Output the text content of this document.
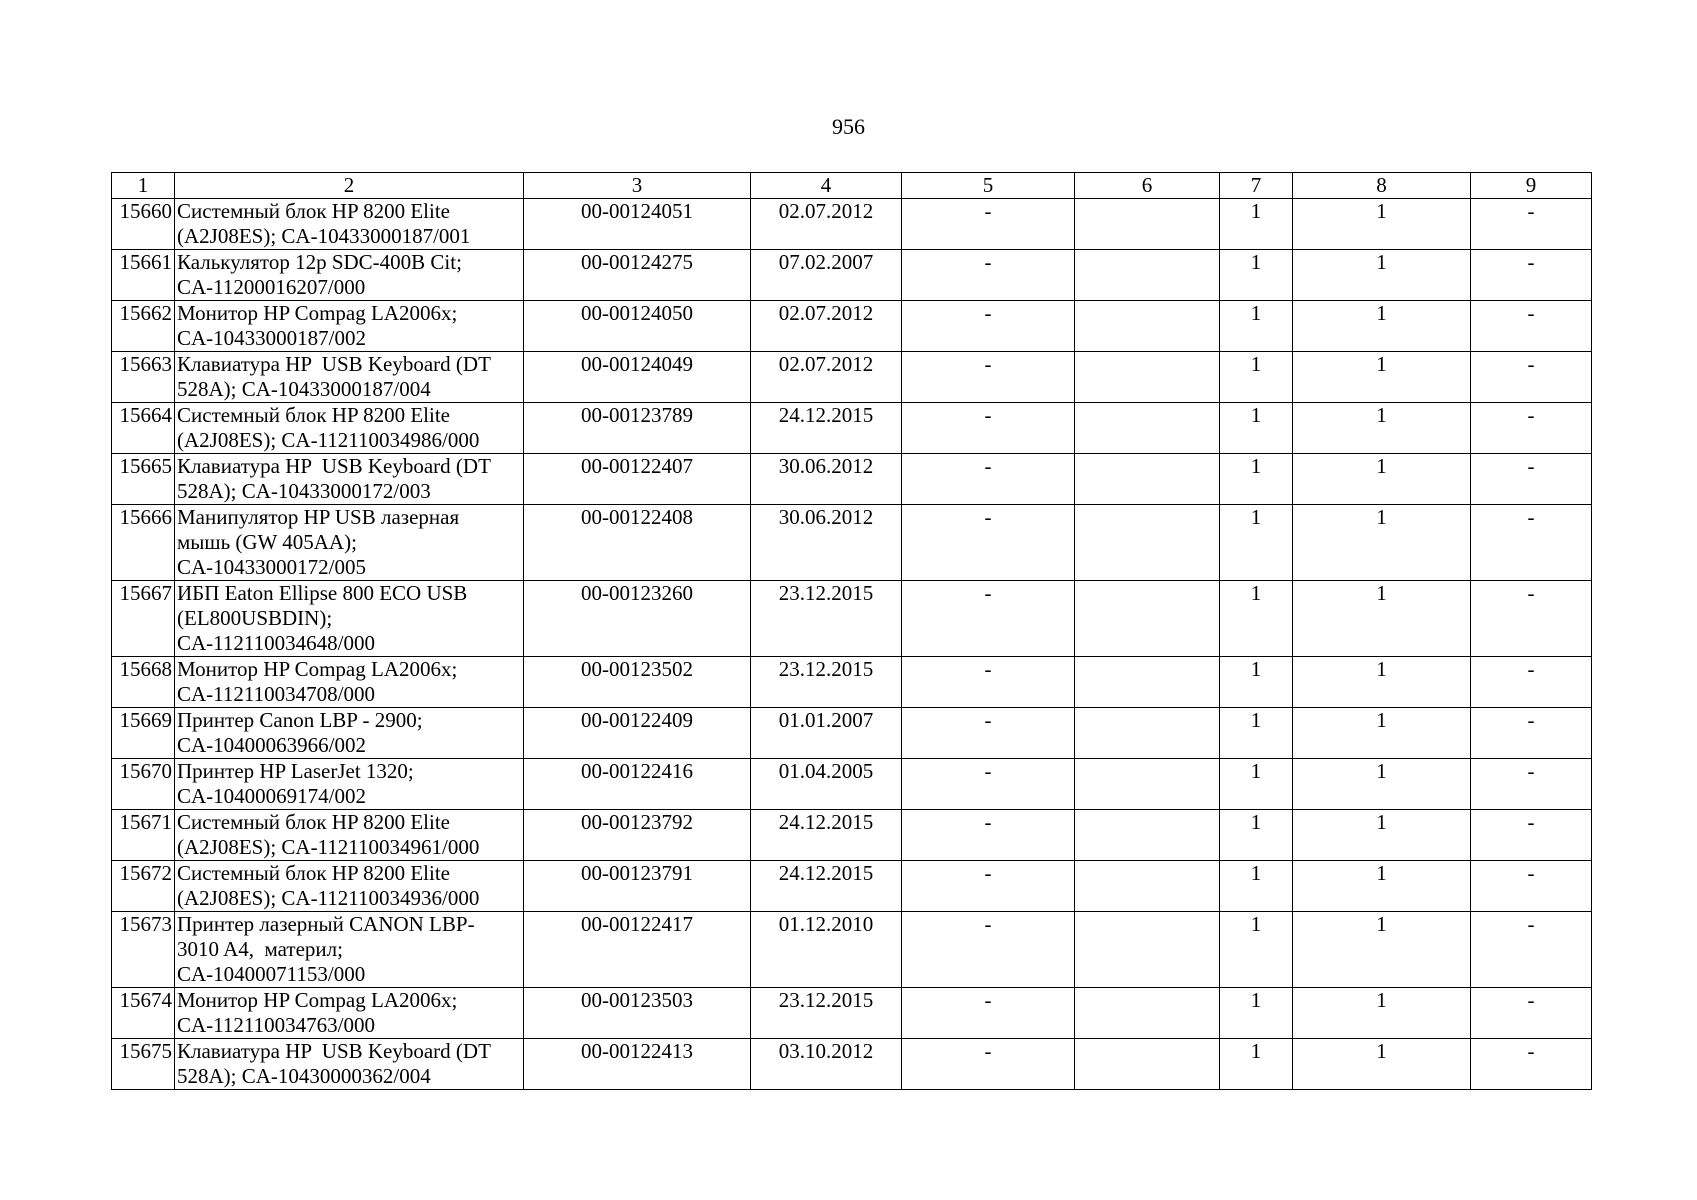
956
1	2	3	4	5	6	7	8	9
15660	Системный блок HP 8200 Elite
(A2J08ES); CA-10433000187/001	00-00124051	02.07.2012	-		1	1	-
15661	Калькулятор 12р SDC-400B Cit;
CA-11200016207/000	00-00124275	07.02.2007	-		1	1	-
15662	Монитор HP Compag LA2006x;
CA-10433000187/002	00-00124050	02.07.2012	-		1	1	-
15663	Клавиатура HP  USB Keyboard (DT
528A); CA-10433000187/004	00-00124049	02.07.2012	-		1	1	-
15664	Системный блок HP 8200 Elite
(A2J08ES); CA-112110034986/000	00-00123789	24.12.2015	-		1	1	-
15665	Клавиатура HP  USB Keyboard (DT
528A); CA-10433000172/003	00-00122407	30.06.2012	-		1	1	-
15666	Манипулятор HP USB лазерная
мышь (GW 405AA);
CA-10433000172/005	00-00122408	30.06.2012	-		1	1	-
15667	ИБП Eaton Ellipse 800 ECO USB
(EL800USBDIN);
CA-112110034648/000	00-00123260	23.12.2015	-		1	1	-
15668	Монитор HP Compag LA2006x;
CA-112110034708/000	00-00123502	23.12.2015	-		1	1	-
15669	Принтер Canon LBP - 2900;
CA-10400063966/002	00-00122409	01.01.2007	-		1	1	-
15670	Принтер HP LaserJet 1320;
CA-10400069174/002	00-00122416	01.04.2005	-		1	1	-
15671	Системный блок HP 8200 Elite
(A2J08ES); CA-112110034961/000	00-00123792	24.12.2015	-		1	1	-
15672	Системный блок HP 8200 Elite
(A2J08ES); CA-112110034936/000	00-00123791	24.12.2015	-		1	1	-
15673	Принтер лазерный CANON LBP-
3010 A4,  материл;
CA-10400071153/000	00-00122417	01.12.2010	-		1	1	-
15674	Монитор HP Compag LA2006x;
CA-112110034763/000	00-00123503	23.12.2015	-		1	1	-
15675	Клавиатура HP  USB Keyboard (DT
528A); CA-10430000362/004	00-00122413	03.10.2012	-		1	1	-
